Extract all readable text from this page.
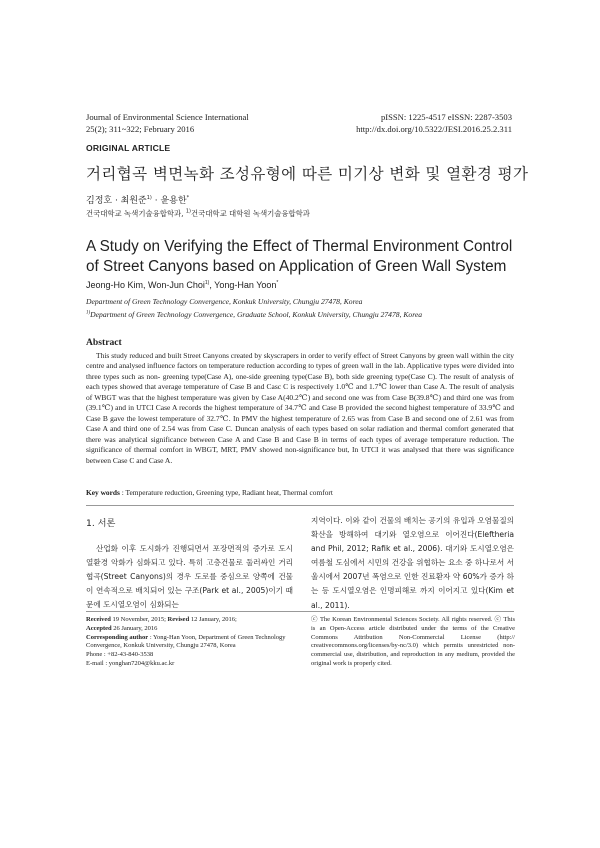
Journal of Environmental Science International
25(2); 311~322; February 2016
pISSN: 1225-4517 eISSN: 2287-3503
http://dx.doi.org/10.5322/JESI.2016.25.2.311
ORIGINAL ARTICLE
거리협곡 벽면녹화 조성유형에 따른 미기상 변화 및 열환경 평가
김정호 · 최원준$^{1)}$ · 윤용한*
건국대학교 녹색기술융합학과, $^{1)}$건국대학교 대학원 녹색기술융합학과
A Study on Verifying the Effect of Thermal Environment Control of Street Canyons based on Application of Green Wall System
Jeong-Ho Kim, Won-Jun Choi$^{1)}$, Yong-Han Yoon*
Department of Green Technology Convergence, Konkuk University, Chungju 27478, Korea
$^{1)}$Department of Green Technology Convergence, Graduate School, Konkuk University, Chungju 27478, Korea
Abstract
This study reduced and built Street Canyons created by skyscrapers in order to verify effect of Street Canyons by green wall within the city centre and analysed influence factors on temperature reduction according to types of green wall in the lab. Applicative types were divided into three types such as non- greening type(Case A), one-side greening type(Case B), both side greening type(Case C). The result of analysis of each types showed that average temperature of Case B and Casc C is respectively 1.0℃ and 1.7℃ lower than Case A. The result of analysis of WBGT was that the highest temperature was given by Case A(40.2℃) and second one was from Case B(39.8℃) and third one was from (39.1℃) and in UTCI Case A records the highest temperature of 34.7℃ and Case B provided the second highest temperature of 33.9℃ and Case B gave the lowest temperature of 32.7℃. In PMV the highest temperature of 2.65 was from Case B and second one of 2.61 was from Case A and third one of 2.54 was from Case C. Duncan analysis of each types based on solar radiation and thermal comfort generated that there was analytical significance between Case A and Case B and Case B in terms of each types of average temperature reduction. The significance of thermal comfort in WBGT, MRT, PMV showed non-significance but, In UTCI it was analysed that there was significance between Case C and Case A.
Key words : Temperature reduction, Greening type, Radiant heat, Thermal comfort
1. 서론
산업화 이후 도시화가 진행되면서 포장면적의 증가로 도시열환경 악화가 심화되고 있다. 특히 고층건물로 둘러싸인 거리협곡(Street Canyons)의 경우 도로를 중심으로 양쪽에 건물이 연속적으로 배치되어 있는 구조(Park et al., 2005)이기 때문에 도시열오염이 심화되는
지역이다. 이와 같이 건물의 배치는 공기의 유입과 오염물질의 확산을 방해하여 대기와 열오염으로 이어진다(Eleftheria and Phil, 2012; Rafik et al., 2006). 대기와 도시열오염은 여름철 도심에서 시민의 건강을 위협하는 요소 중 하나로서 서울시에서 2007년 폭염으로 인한 진료환자 약 60%가 증가 하는 등 도시열오염은 인명피해로 까지 이어지고 있다(Kim et al., 2011).
Received 19 November, 2015; Revised 12 January, 2016;
Accepted 26 January, 2016
Corresponding author : Yong-Han Yoon, Department of Green Technology Convergence, Konkuk University, Chungju 27478, Korea
Phone : +82-43-840-3538
E-mail : yonghan7204@kku.ac.kr
ⓒ The Korean Environmental Sciences Society. All rights reserved. ⓒ This is an Open-Access article distributed under the terms of the Creative Commons Attribution Non-Commercial License (http:// creativecommons.org/licenses/by-nc/3.0) which permits unrestricted non-commercial use, distribution, and reproduction in any medium, provided the original work is properly cited.
